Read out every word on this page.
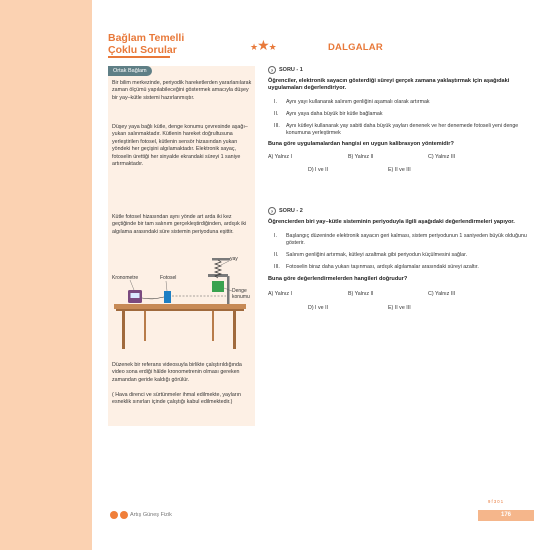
Bağlam Temelli
Çoklu Sorular	★★★	DALGALAR
Ortak Bağlam
Bir bilim merkezinde, periyodik hareketlerden yararlanılarak zaman ölçümü yapılabileceğini göstermek amacıyla düşey bir yay–kütle sistemi hazırlanmıştır.
Düşey yaya bağlı kütle, denge konumu çevresinde aşağı–yukarı salınmaktadır. Kütlenin hareket doğrultusuna yerleştirilen fotosel, kütlenin sensör hizasından yukarı yöndeki her geçişini algılamaktadır. Elektronik sayaç, fotoselin ürettiği her sinyalde ekrandaki süreyi 1 saniye artırmaktadır.
Kütle fotosel hizasından aynı yönde art arda iki kez geçtiğinde bir tam salınım gerçekleştirdiğinden, ardışık iki algılama arasındaki süre sistemin periyoduna eşittir.
Kronometre	Fotosel
yay
Denge
konumu
Düzenek bir referans videosuyla birlikte çalıştırıldığında video sona erdiği hâlde kronometrenin olması gereken zamandan geride kaldığı görülür.
( Hava direnci ve sürtünmeler ihmal edilmekte, yayların esneklik sınırları içinde çalıştığı kabul edilmektedir.)
?	SORU - 1
Öğrenciler, elektronik sayacın gösterdiği süreyi gerçek zamana yaklaştırmak için aşağıdaki uygulamaları değerlendiriyor.
I.	Aynı yayı kullanarak salınım genliğini aşamalı olarak artırmak
II.	Aynı yaya daha büyük bir kütle bağlamak
III.	Aynı kütleyi kullanarak yay sabiti daha büyük yayları denenek ve her denemede fotoseli yeni denge konumuna yerleştirmek
Buna göre uygulamalardan hangisi en uygun kalibrasyon yöntemidir?
A) Yalnız I	B) Yalnız II	C) Yalnız III
D) I ve II	E) II ve III
?	SORU - 2
Öğrencierden biri yay–kütle sisteminin periyoduyla ilgili aşağıdaki değerlendirmeleri yapıyor.
I.	Başlangıç düzeninde elektronik sayacın geri kalması, sistem periyodunun 1 saniyeden büyük olduğunu gösterir.
II.	Salınım genliğini artırmak, kütleyi azaltmak gibi periyodun küçülmesini sağlar.
III.	Fotoselin biraz daha yukarı taşınması, ardışık algılamalar arasındaki süreyi azaltır.
Buna göre değerlendirmelerden hangileri doğrudur?
A) Yalnız I	B) Yalnız II	C) Yalnız III
D) I ve II	E) II ve III
Artış Güneş Fizik
9 f 3 0 1
176
